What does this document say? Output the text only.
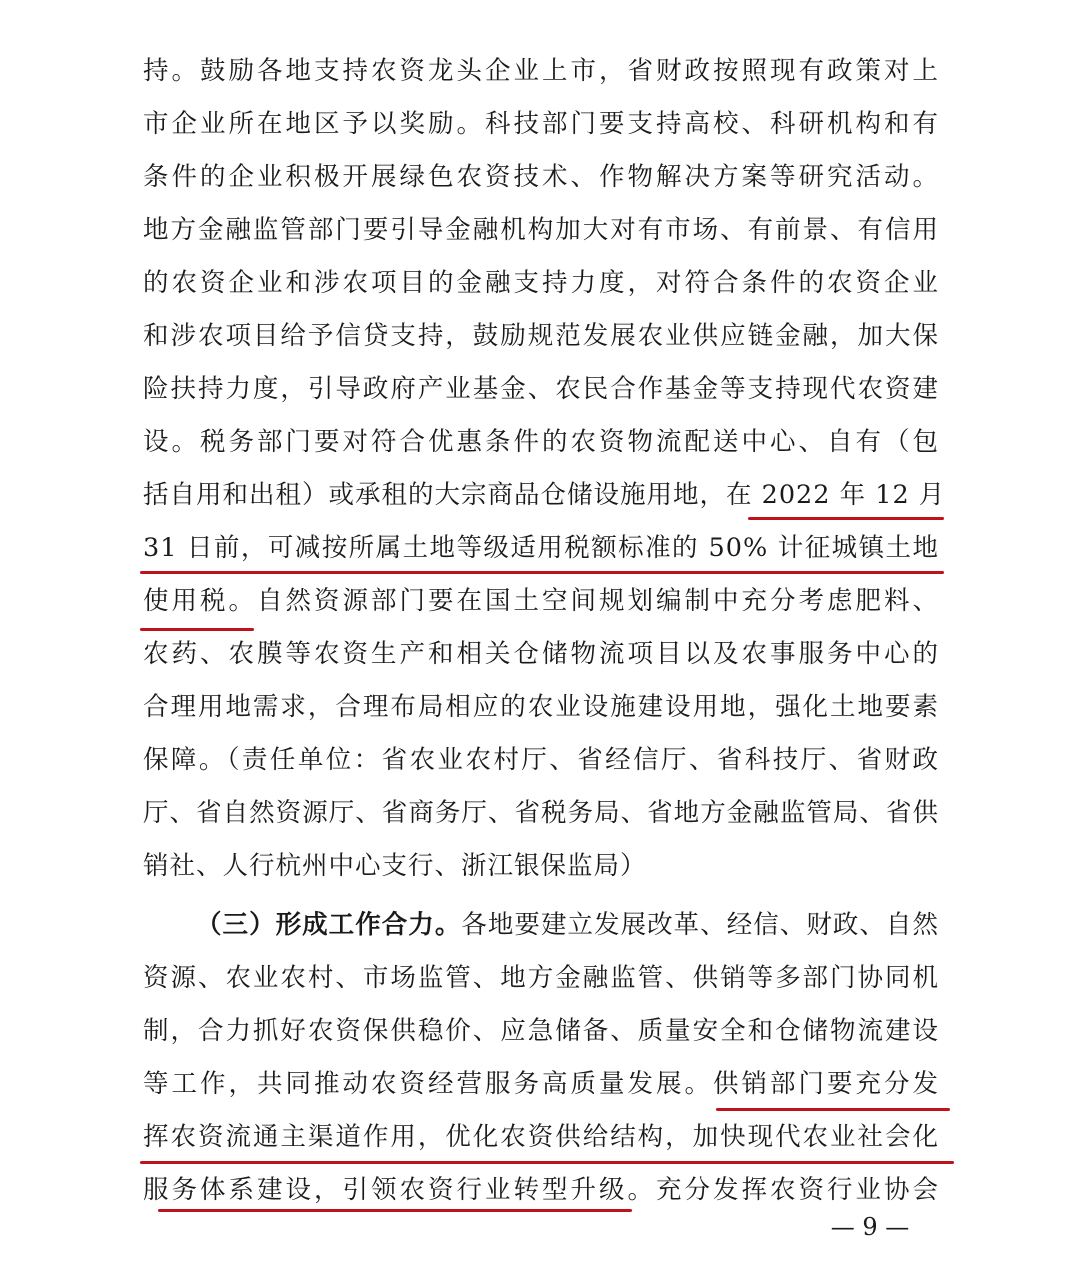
持。鼓励各地支持农资龙头企业上市，省财政按照现有政策对上
市企业所在地区予以奖励。科技部门要支持高校、科研机构和有
条件的企业积极开展绿色农资技术、作物解决方案等研究活动。
地方金融监管部门要引导金融机构加大对有市场、有前景、有信用
的农资企业和涉农项目的金融支持力度，对符合条件的农资企业
和涉农项目给予信贷支持，鼓励规范发展农业供应链金融，加大保
险扶持力度，引导政府产业基金、农民合作基金等支持现代农资建
设。税务部门要对符合优惠条件的农资物流配送中心、自有（包
括自用和出租）或承租的大宗商品仓储设施用地，在 2022 年 12 月
31 日前，可减按所属土地等级适用税额标准的 50% 计征城镇土地
使用税。自然资源部门要在国土空间规划编制中充分考虑肥料、
农药、农膜等农资生产和相关仓储物流项目以及农事服务中心的
合理用地需求，合理布局相应的农业设施建设用地，强化土地要素
保障。（责任单位：省农业农村厅、省经信厅、省科技厅、省财政
厅、省自然资源厅、省商务厅、省税务局、省地方金融监管局、省供
销社、人行杭州中心支行、浙江银保监局）
（三）形成工作合力。各地要建立发展改革、经信、财政、自然
资源、农业农村、市场监管、地方金融监管、供销等多部门协同机
制，合力抓好农资保供稳价、应急储备、质量安全和仓储物流建设
等工作，共同推动农资经营服务高质量发展。供销部门要充分发
挥农资流通主渠道作用，优化农资供给结构，加快现代农业社会化
服务体系建设，引领农资行业转型升级。充分发挥农资行业协会
— 9 —
